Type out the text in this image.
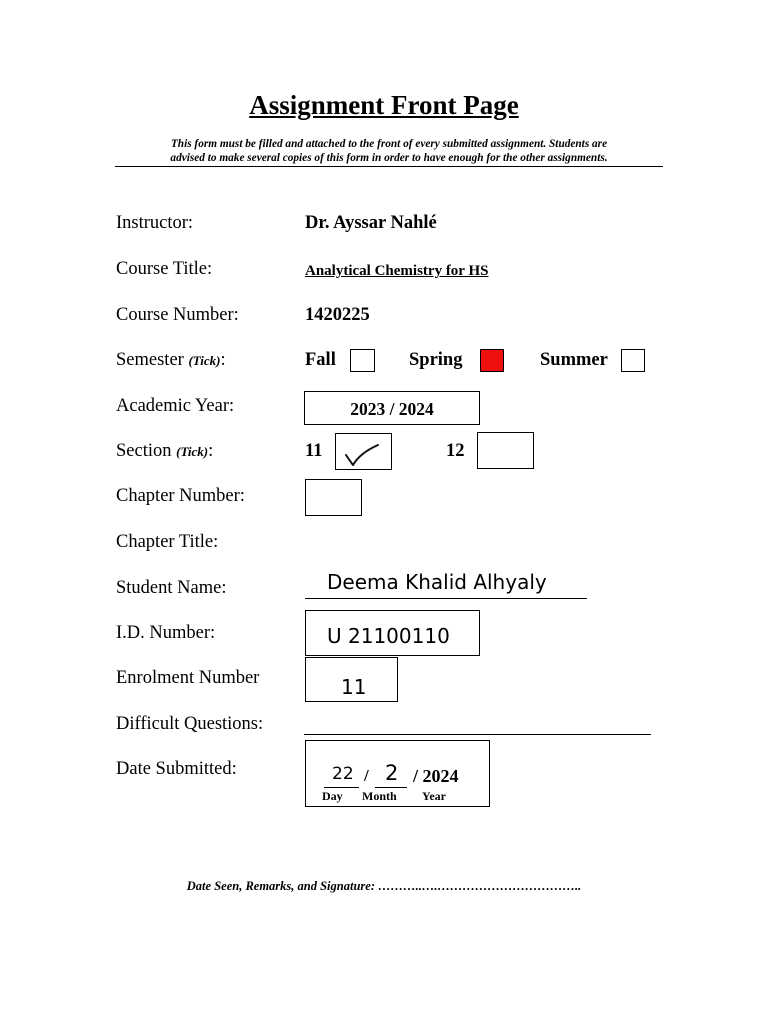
Assignment Front Page
This form must be filled and attached to the front of every submitted assignment. Students are
advised to make several copies of this form in order to have enough for the other assignments.
Instructor:	Dr. Ayssar Nahlé
Course Title:	Analytical Chemistry for HS
Course Number:	1420225
Semester (Tick):	Fall	Spring	Summer
Academic Year:	2023 / 2024
Section (Tick):	11	12
Chapter Number:
Chapter Title:
Student Name:	Deema Khalid Alhyaly
I.D. Number:	U 21100110
Enrolment Number	11
Difficult Questions:
Date Submitted:	22 / 2 / 2024
Day Month Year
Date Seen, Remarks, and Signature: ………..….……………………………..
